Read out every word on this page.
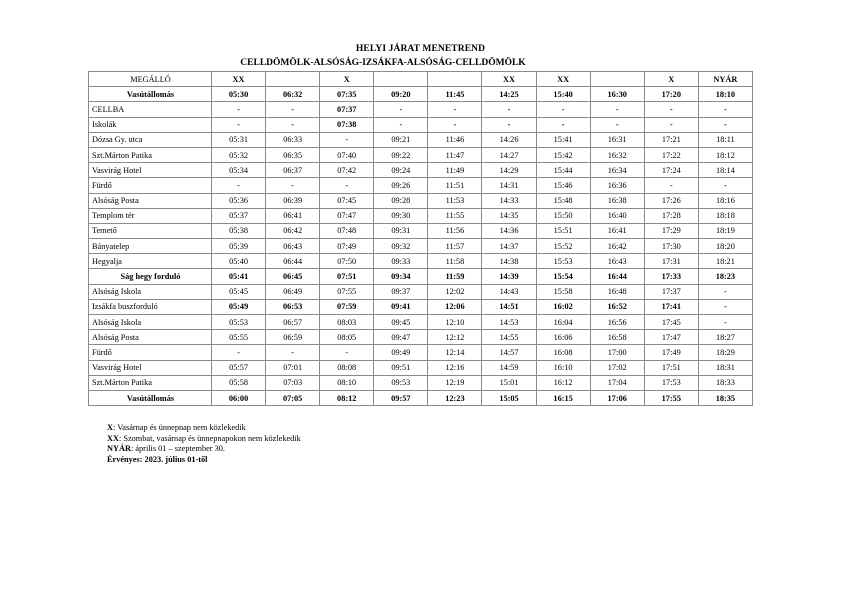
HELYI JÁRAT MENETREND
CELLDÖMÖLK-ALSÓSÁG-IZSÁKFA-ALSÓSÁG-CELLDÖMÖLK
MEGÁLLÓ	XX		X			XX	XX		X	NYÁR
Vasútállomás	05:30	06:32	07:35	09:20	11:45	14:25	15:40	16:30	17:20	18:10
CELLBA	-	-	07:37	-	-	-	-	-	-	-
Iskolák	-	-	07:38	-	-	-	-	-	-	-
Dózsa Gy. utca	05:31	06:33	-	09:21	11:46	14:26	15:41	16:31	17:21	18:11
Szt.Márton Patika	05:32	06:35	07:40	09:22	11:47	14:27	15:42	16:32	17:22	18:12
Vasvirág Hotel	05:34	06:37	07:42	09:24	11:49	14:29	15:44	16:34	17:24	18:14
Fürdő	-	-	-	09:26	11:51	14:31	15:46	16:36	-	-
Alsóság Posta	05:36	06:39	07:45	09:28	11:53	14:33	15:48	16:38	17:26	18:16
Templom tér	05:37	06:41	07:47	09:30	11:55	14:35	15:50	16:40	17:28	18:18
Temető	05:38	06:42	07:48	09:31	11:56	14:36	15:51	16:41	17:29	18:19
Bányatelep	05:39	06:43	07:49	09:32	11:57	14:37	15:52	16:42	17:30	18:20
Hegyalja	05:40	06:44	07:50	09:33	11:58	14:38	15:53	16:43	17:31	18:21
Ság hegy forduló	05:41	06:45	07:51	09:34	11:59	14:39	15:54	16:44	17:33	18:23
Alsóság Iskola	05:45	06:49	07:55	09:37	12:02	14:43	15:58	16:48	17:37	-
Izsákfa buszforduló	05:49	06:53	07:59	09:41	12:06	14:51	16:02	16:52	17:41	-
Alsóság Iskola	05:53	06:57	08:03	09:45	12:10	14:53	16:04	16:56	17:45	-
Alsóság Posta	05:55	06:59	08:05	09:47	12:12	14:55	16:06	16:58	17:47	18:27
Fürdő	-	-	-	09:49	12:14	14:57	16:08	17:00	17:49	18:29
Vasvirág Hotel	05:57	07:01	08:08	09:51	12:16	14:59	16:10	17:02	17:51	18:31
Szt.Márton Patika	05:58	07:03	08:10	09:53	12:19	15:01	16:12	17:04	17:53	18:33
Vasútállomás	06:00	07:05	08:12	09:57	12:23	15:05	16:15	17:06	17:55	18:35
X: Vasárnap és ünnepnap nem közlekedik
XX: Szombat, vasárnap és ünnepnapokon nem közlekedik
NYÁR: április 01 – szeptember 30.
Érvényes: 2023. július 01-től
